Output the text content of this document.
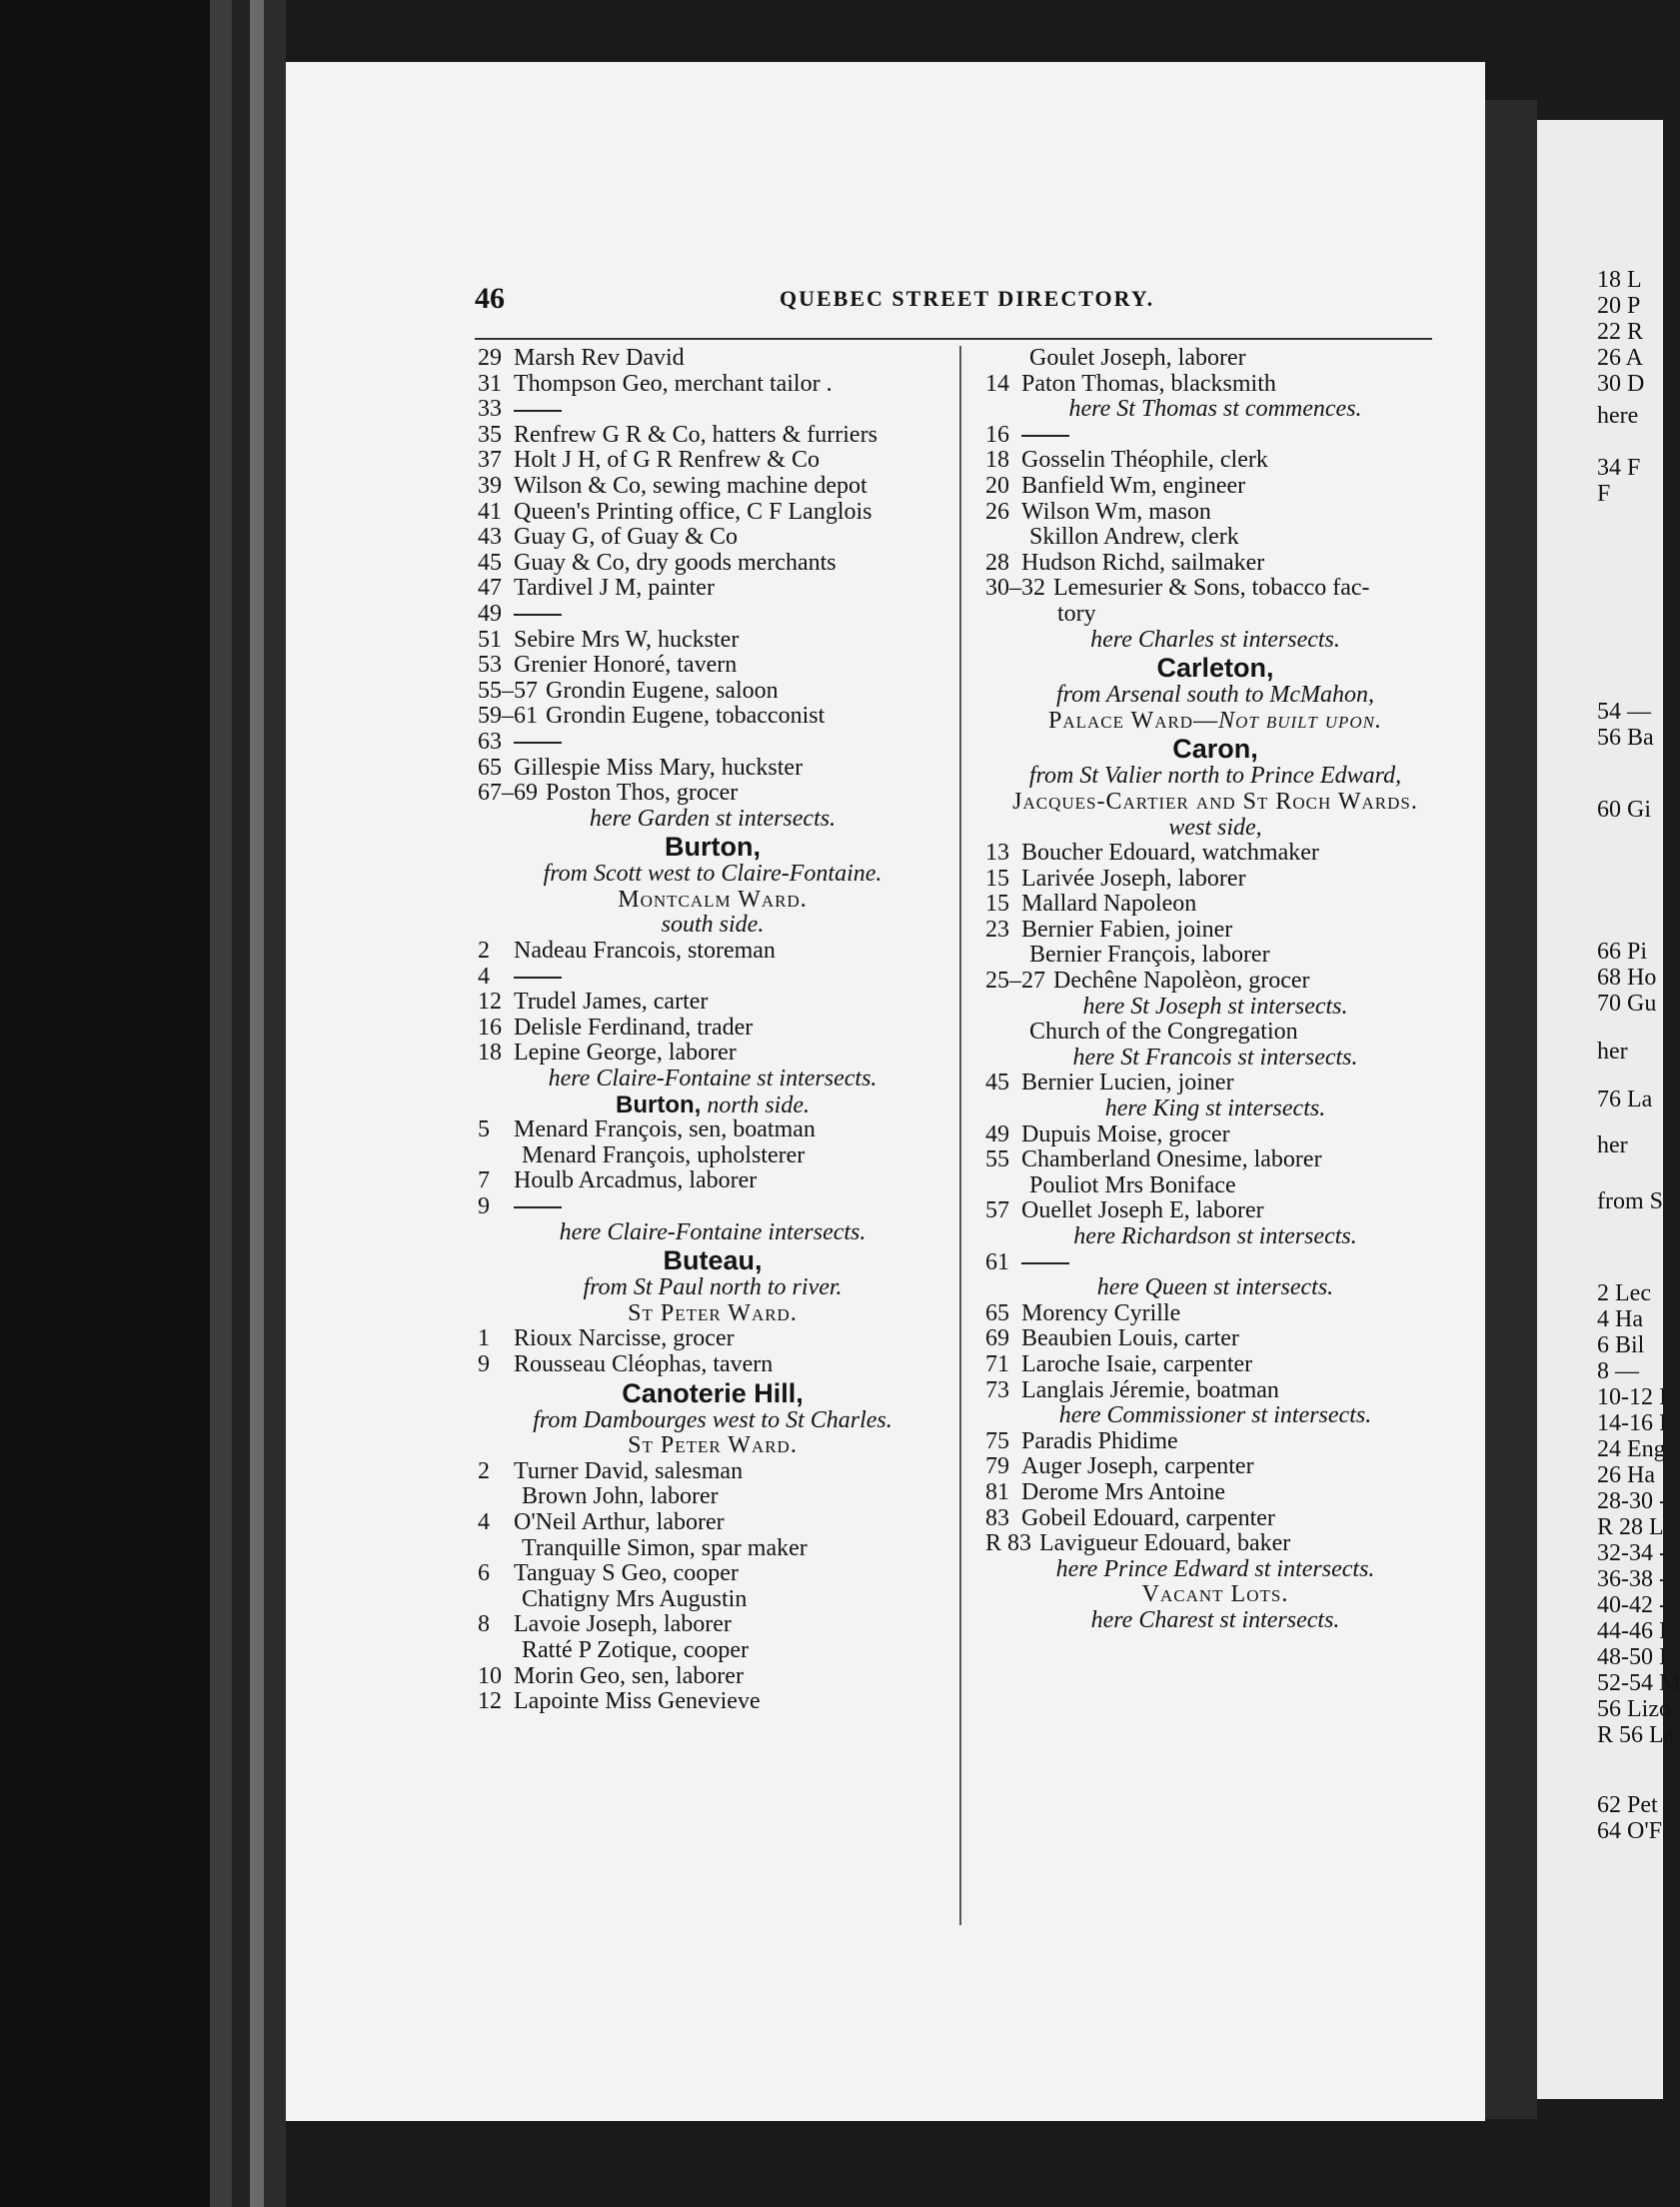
18 L
20 P
22 R
26 A
30 D
here
34 F
F
54 —
56 Ba
60 Gi
66 Pi
68 Ho
70 Gu
her
76 La
her
from S
2 Lec
4 Ha
6 Bil
8 —
10-12 I
14-16 I
24 Eng
26 Ha
28-30 -
R 28 L
32-34 -
36-38 -
40-42 -
44-46 I
48-50 I
52-54 M
56 Lizo
R 56 La
62 Pet
64 O'F
46	QUEBEC STREET DIRECTORY.
29 Marsh Rev David
31 Thompson Geo, merchant tailor .
33
35 Renfrew G R & Co, hatters & furriers
37 Holt J H, of G R Renfrew & Co
39 Wilson & Co, sewing machine depot
41 Queen's Printing office, C F Langlois
43 Guay G, of Guay & Co
45 Guay & Co, dry goods merchants
47 Tardivel J M, painter
49
51 Sebire Mrs W, huckster
53 Grenier Honoré, tavern
55–57 Grondin Eugene, saloon
59–61 Grondin Eugene, tobacconist
63
65 Gillespie Miss Mary, huckster
67–69 Poston Thos, grocer
here Garden st intersects.
Burton,
from Scott west to Claire-Fontaine.
Montcalm Ward.
south side.
2 Nadeau Francois, storeman
4
12 Trudel James, carter
16 Delisle Ferdinand, trader
18 Lepine George, laborer
here Claire-Fontaine st intersects.
Burton, north side.
5 Menard François, sen, boatman
Menard François, upholsterer
7 Houlb Arcadmus, laborer
9
here Claire-Fontaine intersects.
Buteau,
from St Paul north to river.
St Peter Ward.
1 Rioux Narcisse, grocer
9 Rousseau Cléophas, tavern
Canoterie Hill,
from Dambourges west to St Charles.
St Peter Ward.
2 Turner David, salesman
Brown John, laborer
4 O'Neil Arthur, laborer
Tranquille Simon, spar maker
6 Tanguay S Geo, cooper
Chatigny Mrs Augustin
8 Lavoie Joseph, laborer
Ratté P Zotique, cooper
10 Morin Geo, sen, laborer
12 Lapointe Miss Genevieve
Goulet Joseph, laborer
14 Paton Thomas, blacksmith
here St Thomas st commences.
16
18 Gosselin Théophile, clerk
20 Banfield Wm, engineer
26 Wilson Wm, mason
Skillon Andrew, clerk
28 Hudson Richd, sailmaker
30–32 Lemesurier & Sons, tobacco fac-
tory
here Charles st intersects.
Carleton,
from Arsenal south to McMahon,
Palace Ward—Not built upon.
Caron,
from St Valier north to Prince Edward,
Jacques-Cartier and St Roch Wards.
west side,
13 Boucher Edouard, watchmaker
15 Larivée Joseph, laborer
15 Mallard Napoleon
23 Bernier Fabien, joiner
Bernier François, laborer
25–27 Dechêne Napolèon, grocer
here St Joseph st intersects.
Church of the Congregation
here St Francois st intersects.
45 Bernier Lucien, joiner
here King st intersects.
49 Dupuis Moise, grocer
55 Chamberland Onesime, laborer
Pouliot Mrs Boniface
57 Ouellet Joseph E, laborer
here Richardson st intersects.
61
here Queen st intersects.
65 Morency Cyrille
69 Beaubien Louis, carter
71 Laroche Isaie, carpenter
73 Langlais Jéremie, boatman
here Commissioner st intersects.
75 Paradis Phidime
79 Auger Joseph, carpenter
81 Derome Mrs Antoine
83 Gobeil Edouard, carpenter
R 83 Lavigueur Edouard, baker
here Prince Edward st intersects.
Vacant Lots.
here Charest st intersects.
